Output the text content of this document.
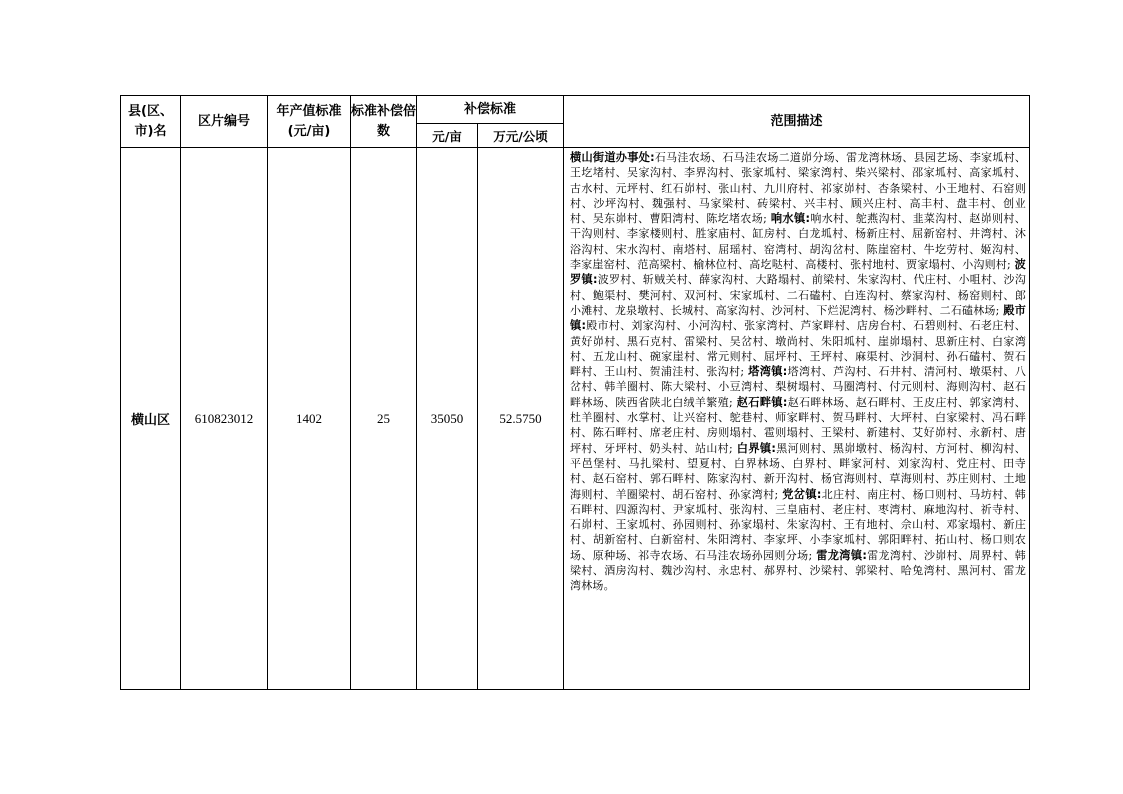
县(区、市)名	区片编号	年产值标准(元/亩)	标准补偿倍数	补偿标准		范围描述
				元/亩	万元/公顷	
横山区	610823012	1402	25	35050	52.5750	横山街道办事处:石马洼农场、石马洼农场二道峁分场、雷龙湾林场、县园艺场、李家坬村、王圪堵村、吴家沟村、李界沟村、张家坬村、梁家湾村、柴兴梁村、邵家坬村、高家坬村、古水村、元坪村、红石峁村、张山村、九川府村、祁家峁村、杏条梁村、小王地村、石窑则村、沙坪沟村、魏强村、马家梁村、砖梁村、兴丰村、顾兴庄村、高丰村、盘丰村、创业村、吴东峁村、曹阳湾村、陈圪堵农场; 响水镇:响水村、鸵燕沟村、韭菜沟村、赵峁则村、干沟则村、李家楼则村、胜家庙村、缸房村、白龙坬村、杨新庄村、屈新窑村、井湾村、沐浴沟村、宋水沟村、南塔村、屈瑶村、窑湾村、胡沟岔村、陈崖窑村、牛圪劳村、姬沟村、李家崖窑村、范高梁村、榆林位村、高圪哒村、高楼村、张村地村、贾家塌村、小沟则村; 波罗镇:波罗村、斩贼关村、薛家沟村、大路塌村、前梁村、朱家沟村、代庄村、小咀村、沙沟村、鲍渠村、樊河村、双河村、宋家坬村、二石磕村、白连沟村、蔡家沟村、杨窑则村、郎小滩村、龙泉墩村、长城村、高家沟村、沙河村、下烂泥湾村、杨沙畔村、二石磕林场; 殿市镇:殿市村、刘家沟村、小河沟村、张家湾村、芦家畔村、店房台村、石碧则村、石老庄村、黄好峁村、黑石克村、雷梁村、吴岔村、墩尚村、朱阳坬村、崖峁塌村、思新庄村、白家湾村、五龙山村、碗家崖村、常元则村、屈坪村、王坪村、麻渠村、沙洞村、孙石磕村、贺石畔村、王山村、贺浦洼村、张沟村; 塔湾镇:塔湾村、芦沟村、石井村、清河村、墩渠村、八岔村、韩羊圈村、陈大梁村、小豆湾村、梨树塌村、马圈湾村、付元则村、海则沟村、赵石畔林场、陕西省陕北白绒羊繁殖; 赵石畔镇:赵石畔林场、赵石畔村、王皮庄村、郭家湾村、杜羊圈村、水掌村、让兴窑村、鸵巷村、师家畔村、贺马畔村、大坪村、白家梁村、冯石畔村、陈石畔村、席老庄村、房则塌村、雹则塌村、王梁村、新建村、艾好峁村、永新村、唐坪村、牙坪村、奶头村、站山村; 白界镇:黑河则村、黑峁墩村、杨沟村、方河村、柳沟村、平邑堡村、马扎梁村、望夏村、白界林场、白界村、畔家河村、刘家沟村、党庄村、田寺村、赵石窑村、郭石畔村、陈家沟村、新开沟村、杨官海则村、草海则村、苏庄则村、土地海则村、羊圈梁村、胡石窑村、孙家湾村; 党岔镇:北庄村、南庄村、杨口则村、马坊村、韩石畔村、四源沟村、尹家坬村、张沟村、三皇庙村、老庄村、枣湾村、麻地沟村、祈寺村、石峁村、王家坬村、孙园则村、孙家塌村、朱家沟村、王有地村、佘山村、邓家塌村、新庄村、胡新窑村、白新窑村、朱阳湾村、李家坪、小李家坬村、郭阳畔村、拓山村、杨口则农场、原种场、祁寺农场、石马洼农场孙园则分场; 雷龙湾镇:雷龙湾村、沙峁村、周界村、韩梁村、酒房沟村、魏沙沟村、永忠村、郝界村、沙梁村、郭梁村、哈兔湾村、黑河村、雷龙湾林场。
